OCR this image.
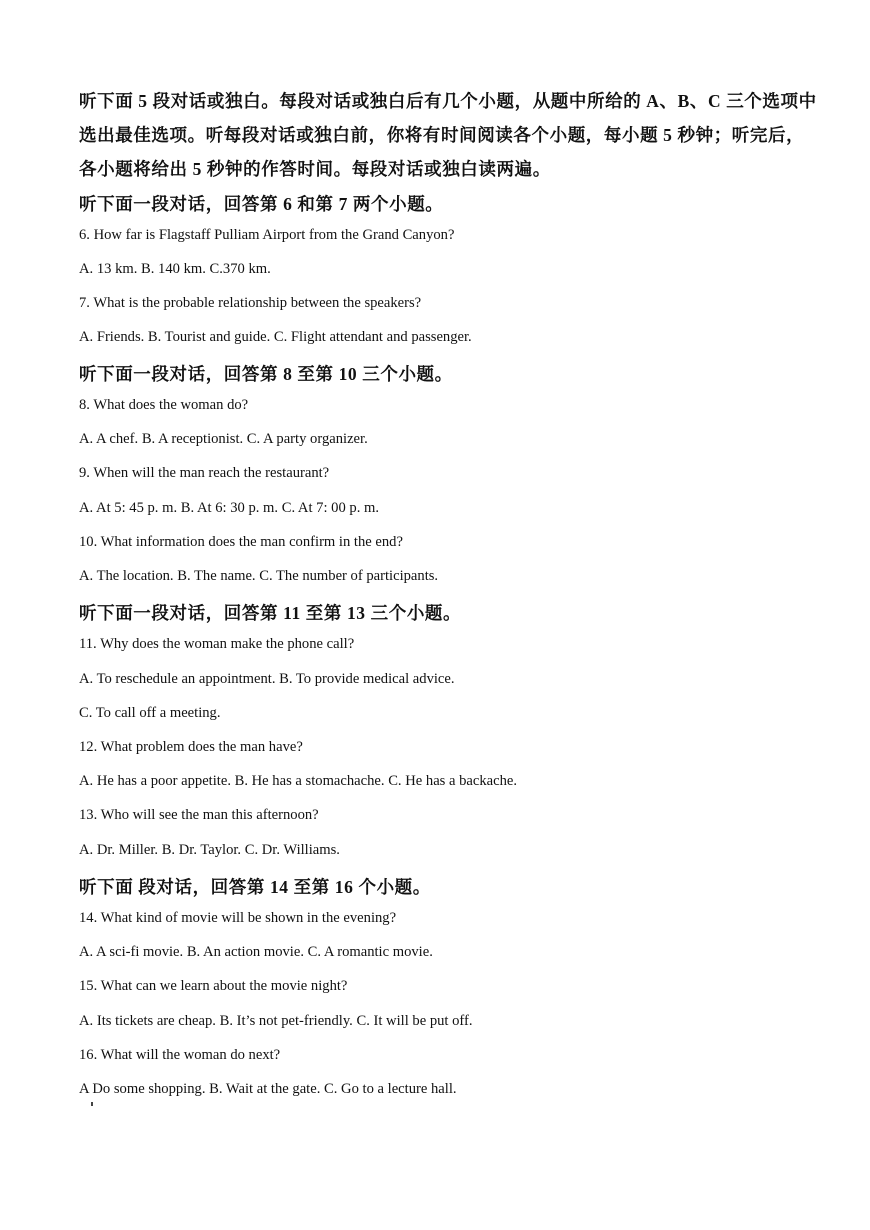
听下面 5 段对话或独白。每段对话或独白后有几个小题，从题中所给的 A、B、C 三个选项中
选出最佳选项。听每段对话或独白前，你将有时间阅读各个小题，每小题 5 秒钟；听完后，
各小题将给出 5 秒钟的作答时间。每段对话或独白读两遍。
听下面一段对话，回答第 6 和第 7 两个小题。
6. How far is Flagstaff Pulliam Airport from the Grand Canyon?
A. 13 km. B. 140 km. C.370 km.
7. What is the probable relationship between the speakers?
A. Friends. B. Tourist and guide. C. Flight attendant and passenger.
听下面一段对话，回答第 8 至第 10 三个小题。
8. What does the woman do?
A. A chef. B. A receptionist. C. A party organizer.
9. When will the man reach the restaurant?
A. At 5: 45 p. m. B. At 6: 30 p. m. C. At 7: 00 p. m.
10. What information does the man confirm in the end?
A. The location. B. The name. C. The number of participants.
听下面一段对话，回答第 11 至第 13 三个小题。
11. Why does the woman make the phone call?
A. To reschedule an appointment. B. To provide medical advice.
C. To call off a meeting.
12. What problem does the man have?
A. He has a poor appetite. B. He has a stomachache. C. He has a backache.
13. Who will see the man this afternoon?
A. Dr. Miller. B. Dr. Taylor. C. Dr. Williams.
听下面 段对话，回答第 14 至第 16 个小题。
14. What kind of movie will be shown in the evening?
A. A sci-fi movie. B. An action movie. C. A romantic movie.
15. What can we learn about the movie night?
A. Its tickets are cheap. B. It’s not pet-friendly. C. It will be put off.
16. What will the woman do next?
A Do some shopping. B. Wait at the gate. C. Go to a lecture hall.
